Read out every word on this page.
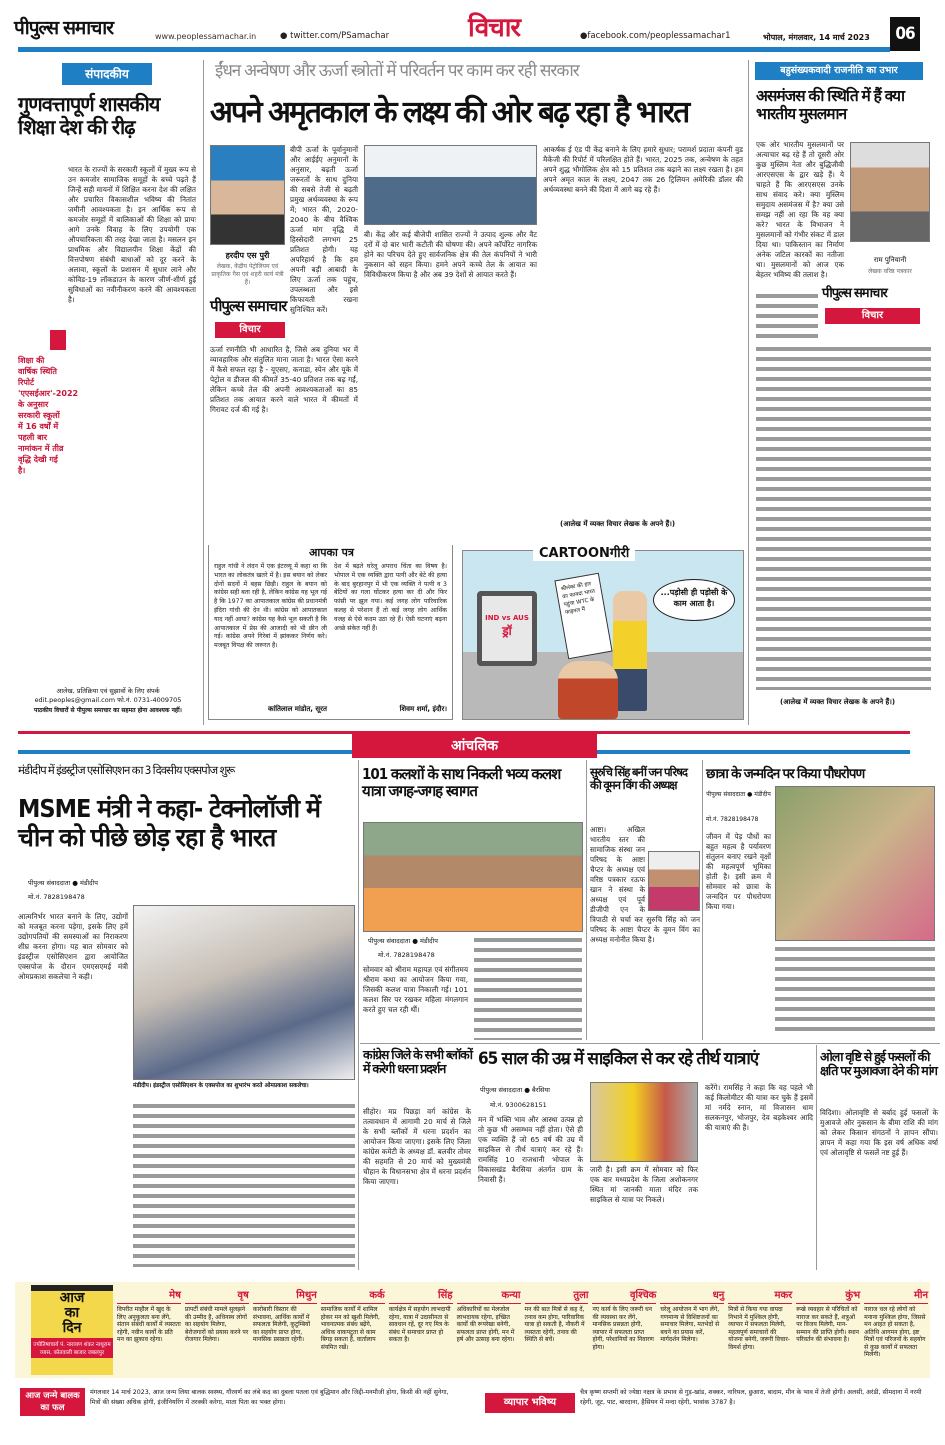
पीपुल्स समाचार	www.peoplessamachar.in	● twitter.com/PSamachar	विचार	●facebook.com/peoplessamachar1	भोपाल, मंगलवार, 14 मार्च 2023	06
संपादकीय
गुणवत्तापूर्ण शासकीय शिक्षा देश की रीढ़
भारत के राज्यों के सरकारी स्कूलों में मुख्य रूप से उन कमजोर सामाजिक समूहों के बच्चे पढ़ते हैं जिन्हें सही मायनों में शिक्षित करना देश की लक्षित और प्रचारित विकासशील भविष्य की नितांत जमीनी आवश्यकता है। इन आर्थिक रूप से कमजोर समूहों में बालिकाओं की शिक्षा को प्रायः आगे उनके विवाह के लिए उपयोगी एक औपचारिकता की तरह देखा जाता है। मसलन इन प्राथमिक और विद्यालयीन शिक्षा केंद्रों की वित्तपोषण संबंधी बाधाओं को दूर करने के अलावा, स्कूलों के प्रशासन में सुधार लाने और कोविड-19 लॉकडाउन के कारण जीर्ण-शीर्ण हुई सुविधाओं का नवीनीकरण करने की आवश्यकता है।
शिक्षा की वार्षिक स्थिति रिपोर्ट 'एएसईआर'-2022 के अनुसार सरकारी स्कूलों में 16 वर्षों में पहली बार नामांकन में तीव्र वृद्धि देखी गई है।
आलेख, प्रतिक्रिया एवं सुझावों के लिए संपर्क edit.peoples@gmail.com फो.नं. 0731-4009705
पाठकीय विचारों से पीपुल्स समाचार का सहमत होना आवश्यक नहीं।
ईंधन अन्वेषण और ऊर्जा स्त्रोतों में परिवर्तन पर काम कर रही सरकार
अपने अमृतकाल के लक्ष्य की ओर बढ़ रहा है भारत
हरदीप एस पुरी
लेखक, केंद्रीय पेट्रोलियम एवं प्राकृतिक गैस एवं शहरी कार्य मंत्री हैं।
पीपुल्स समाचार
विचार
बीपी ऊर्जा के पूर्वानुमानों और आईईए अनुमानों के अनुसार, बढ़ती ऊर्जा जरूरतों के साथ दुनिया की सबसे तेजी से बढ़ती प्रमुख अर्थव्यवस्था के रूप में; भारत की, 2020-2040 के बीच वैश्विक ऊर्जा मांग वृद्धि में हिस्सेदारी लगभग 25 प्रतिशत होगी। यह अपरिहार्य है कि हम अपनी बड़ी आबादी के लिए ऊर्जा तक पहुंच, उपलब्धता और इसे किफायती रखना सुनिश्चित करें।
ऊर्जा रणनीति भी आधारित है, जिसे अब दुनिया भर में व्यावहारिक और संतुलित माना जाता है। भारत ऐसा करने में कैसे सफल रहा है - यूएसए, कनाडा, स्पेन और यूके में पेट्रोल व डीजल की कीमतें 35-40 प्रतिशत तक बढ़ गईं, लेकिन कच्चे तेल की अपनी आवश्यकताओं का 85 प्रतिशत तक आयात करने वाले भारत में कीमतों में गिरावट दर्ज की गई है।
बी। केंद्र और कई बीजेपी शासित राज्यों ने उत्पाद शुल्क और वैट दरों में दो बार भारी कटौती की घोषणा की। अपने कॉर्पोरेट नागरिक होने का परिचय देते हुए सार्वजनिक क्षेत्र की तेल कंपनियों ने भारी नुकसान को सहन किया। हमने अपने कच्चे तेल के आयात का विविधीकरण किया है और अब 39 देशों से आयात करते हैं।
आकर्षक ई एंड पी केंद्र बनाने के लिए हमारे सुधार; परामर्श प्रदाता कंपनी वुड मैकेंजी की रिपोर्ट में परिलक्षित होते हैं। भारत, 2025 तक, अन्वेषण के तहत अपने शुद्ध भौगोलिक क्षेत्र को 15 प्रतिशत तक बढ़ाने का लक्ष्य रखता है। हम अपने अमृत काल के लक्ष्य, 2047 तक 26 ट्रिलियन अमेरिकी डॉलर की अर्थव्यवस्था बनने की दिशा में आगे बढ़ रहे हैं।
(आलेख में व्यक्त विचार लेखक के अपने हैं।)
आपका पत्र
राहुल गांधी ने लंदन में एक इंटरव्यू में कहा था कि भारत का लोकतंत्र खतरे में है। इस बयान को लेकर दोनों सदनों में बहस छिड़ी। राहुल के बयान को कांग्रेस सही बता रही है, लेकिन कांग्रेस यह भूल गई है कि 1977 का आपातकाल कांग्रेस की प्रधानमंत्री इंदिरा गांधी की देन थी। कांग्रेस को आपातकाल याद नहीं आया? कांग्रेस यह कैसे भूल सकती है कि आपातकाल में प्रेस की आजादी को भी छीन ली गई। कांग्रेस अपने गिरेबां में झांककर निर्णय करे। मजबूत विपक्ष की जरूरत है।
कांतिलाल मांडोत, सूरत
देश में बढ़ते घरेलू अपराध चिंता का विषय है। भोपाल में एक व्यक्ति द्वारा पत्नी और बेटे की हत्या के बाद बुरहानपुर में भी एक व्यक्ति ने पत्नी व 3 बेटियों का गला घोंटकर हत्या कर दी और फिर फांसी पर झूल गया। कई जगह लोग पारिवारिक कलह से परेशान हैं तो कई जगह लोग आर्थिक वजह से ऐसे कदम उठा रहे हैं। ऐसी घटनाएं बढ़ना अच्छे संकेत नहीं हैं।
शिवम शर्मा, इंदौर।
CARTOONगीरी
IND vs AUS
ड्रॉ
श्रीलंका की हार का फायदा भारत पहुंचा WTC के फाइनल में
...पड़ोसी ही पड़ोसी के काम आता है।
बहुसंख्यकवादी राजनीति का उभार
असमंजस की स्थिति में हैं क्या भारतीय मुसलमान
एक ओर भारतीय मुसलमानों पर अत्याचार बढ़ रहे हैं तो दूसरी ओर कुछ मुस्लिम नेता और बुद्धिजीवी आरएसएस के द्वार खड़े हैं। ये चाहते हैं कि आरएसएस उनके साथ संवाद करे। क्या मुस्लिम समुदाय असमंजस में है? क्या उसे समझ नहीं आ रहा कि वह क्या करे? भारत के विभाजन ने मुसलमानों को गंभीर संकट में डाल दिया था। पाकिस्तान का निर्माण अनेक जटिल कारकों का नतीजा था। मुसलमानों को आज एक बेहतर भविष्य की तलाश है।
राम पुनियानी
लेखक वरिष्ठ पत्रकार
पीपुल्स समाचार
विचार
(आलेख में व्यक्त विचार लेखक के अपने हैं।)
आंचलिक
मंडीदीप में इंडस्ट्रीज एसोसिएशन का 3 दिवसीय एक्सपोज शुरू
MSME मंत्री ने कहा- टेक्नोलॉजी में चीन को पीछे छोड़ रहा है भारत
पीपुल्स संवाददाता ● मंडीदीप
मो.नं. 7828198478
आत्मनिर्भर भारत बनाने के लिए, उद्योगों को मजबूत करना पड़ेगा, इसके लिए हमें उद्योगपतियों की समस्याओं का निराकरण शीघ्र करना होगा। यह बात सोमवार को इंडस्ट्रीज एसोसिएशन द्वारा आयोजित एक्सपोज के दौरान एमएसएमई मंत्री ओमप्रकाश सकलेचा ने कही।
मंडीदीप। इंडस्ट्रीज एसोसिएशन के एक्सपोज का शुभारंभ करते ओमप्रकाश सकलेचा।
101 कलशों के साथ निकली भव्य कलश यात्रा जगह-जगह स्वागत
पीपुल्स संवाददाता ● मंडीदीप
मो.नं. 7828198478
सोमवार को श्रीराम महायज्ञ एवं संगीतमय श्रीराम कथा का आयोजन किया गया, जिसकी कलश यात्रा निकाली गई। 101 कलश सिर पर रखकर महिला मंगलगान करते हुए चल रही थीं।
सुरुचि सिंह बनीं जन परिषद की वूमन विंग की अध्यक्ष
आष्टा। अखिल भारतीय स्तर की सामाजिक संस्था जन परिषद के आष्टा चैप्टर के अध्यक्ष एवं वरिष्ठ पत्रकार रऊफ खान ने संस्था के अध्यक्ष एवं पूर्व डीजीपी एन के त्रिपाठी से चर्चा कर सुरुचि सिंह को जन परिषद के आष्टा चैप्टर के वूमन विंग का अध्यक्ष मनोनीत किया है।
छात्रा के जन्मदिन पर किया पौधरोपण
पीपुल्स संवाददाता ● मंडीदीप
मो.नं. 7828198478
जीवन में पेड़ पौधों का बहुत महत्व है पर्यावरण संतुलन बनाए रखने वृक्षों की महत्वपूर्ण भूमिका होती है। इसी क्रम में सोमवार को छात्रा के जन्मदिन पर पौधरोपण किया गया।
कांग्रेस जिले के सभी ब्लॉकों में करेगी धरना प्रदर्शन
सीहोर। मप्र पिछड़ा वर्ग कांग्रेस के तत्वावधान में आगामी 20 मार्च से जिले के सभी ब्लॉकों में धरना प्रदर्शन का आयोजन किया जाएगा। इसके लिए जिला कांग्रेस कमेटी के अध्यक्ष डॉ. बलवीर तोमर की सहमति से 20 मार्च को मुख्यमंत्री चौहान के विधानसभा क्षेत्र में धरना प्रदर्शन किया जाएगा।
65 साल की उम्र में साइकिल से कर रहे तीर्थ यात्राएं
पीपुल्स संवाददाता ● बैरसिया
मो.नं. 9300628151
मन में भक्ति भाव और आस्था उत्पन्न हो तो कुछ भी असम्भव नहीं होता। ऐसे ही एक व्यक्ति हैं जो 65 वर्ष की उम्र में साइकिल से तीर्थ यात्राएं कर रहे हैं। रामसिंह 10 राजधानी भोपाल के विकासखंड बैरसिया अंतर्गत ग्राम के निवासी हैं।
जारी है। इसी क्रम में सोमवार को फिर एक बार मध्यप्रदेश के जिला अशोकनगर स्थित मां जानकी माता मंदिर तक साइकिल से यात्रा पर निकले।
करेंगे। रामसिंह ने कहा कि वह पहले भी कई किलोमीटर की यात्रा कर चुके हैं इसमें मां नर्मदे स्नान, मां विजासन धाम सलकनपुर, भोजपुर, देव बड़केश्वर आदि की यात्राएं की हैं।
ओला वृष्टि से हुई फसलों की क्षति पर मुआवजा देने की मांग
विदिशा। ओलावृष्टि से बर्बाद हुई फसलों के मुआवजे और नुकसान के बीमा राशि की मांग को लेकर किसान संगठनों ने ज्ञापन सौंपा। ज्ञापन में कहा गया कि इस वर्ष अधिक वर्षा एवं ओलावृष्टि से फसलें नष्ट हुई हैं।
आज
का
दिन
ज्योतिषाचार्य पं. नारायण शंकर नाथूराम व्यास, कोतवाली बाजार जबलपुर
मेष
विपरीत माहौल में खुद के लिए अनुकूलता बना लेंगे, संतान संबंधी कार्यों में व्यस्तता रहेगी, नवीन कार्यों के प्रति मन का झुकाव रहेगा।
वृष
प्रापर्टी संबंधी मामले सुलझने की उम्मीद है, अधिनस्थ लोगों का सहयोग मिलेगा, बेरोजगारों को प्रयास करने पर रोजगार मिलेगा।
मिथुन
कारोबारी विस्तार की संभावना, आर्थिक कार्यों में सफलता मिलेगी, कुटुम्बियों का सहयोग प्राप्त होगा, मानसिक प्रसन्नता रहेगी।
कर्क
सामाजिक कार्यों में शामिल होकर मन को खुशी मिलेगी, भावनात्मक संबंध बढ़ेंगे, अधिक वाकपटुता से काम बिगड़ सकता है, वार्तालाप संयमित रखें।
सिंह
कार्यक्षेत्र में सहयोग लाभदायी रहेगा, यात्रा में उदासीनता से सावधान रहें, दूर गए मित्र के संबंध में समाचार प्राप्त हो सकता है।
कन्या
अधिकारियों का मेलजोल लाभदायक रहेगा, इच्छित कार्यों की रूपरेखा बनेगी, सफलता प्राप्त होगी, मन में हर्ष और उत्साह बना रहेगा।
तुला
मन की बात मित्रों से कह दें, तनाव कम होगा, पारिवारिक यात्रा हो सकती है, नौकरी में व्यस्तता रहेगी, तनाव की स्थिति से बचें।
वृश्चिक
नए कार्य के लिए जरूरी धन की व्यवस्था कर लेंगे, मानसिक प्रसन्नता होगी, व्यापार में सफलता प्राप्त होगी, परेशानियों का निवारण होगा।
धनु
घरेलू आयोजन में भाग लेंगे, गणमान्य से विशिष्टजनों का समाचार मिलेगा, मतभेदों से बचने का प्रयास करें, मार्गदर्शन मिलेगा।
मकर
मित्रों से किया गया वायदा निभाने में मुश्किल होगी, व्यापार में सफलता मिलेगी, महत्वपूर्ण समाचारों की योजना बनेगी, जरूरी विचार-विमर्श होगा।
कुंभ
रूखे व्यवहार से परिचितों को नाराज कर सकते हैं, शत्रुओं पर विजय मिलेगी, मान-सम्मान की प्राप्ति होगी। स्थान परिवर्तन की संभावना है।
मीन
नाराज चल रहे लोगों को मनाना मुश्किल होगा, जिससे मन आहत हो सकता है, अतिथि आगमन होगा, इष्ट मित्रों एवं परिजनों के सहयोग से कुछ कार्यों में सफलता मिलेगी।
आज जन्मे बालक का फल
मंगलवार 14 मार्च 2023, आज जन्म लिया बालक स्वस्थ्य, गौरवर्ण का लंबे कद का दुबला पतला एवं बुद्धिमान और जिद्दी-मनमौजी होगा, किसी की नहीं सुनेगा, मित्रों की संख्या अधिक होगी, इंजीनियरिंग में तरक्की करेगा, माता पिता का भक्त होगा।	व्यापार भविष्य
चैत्र कृष्ण सप्तमी को ज्येष्ठा नक्षत्र के प्रभाव से गुड़-खांड, शक्कर, नारियल, छुआरा, बादाम, मीन के भाव में तेजी होगी। अलसी, अरंडी, सीमदाना में नरमी रहेगी, जूट, पाट, बारदाना, हैसियन में मन्दा रहेगी, भावांक 3787 है।
